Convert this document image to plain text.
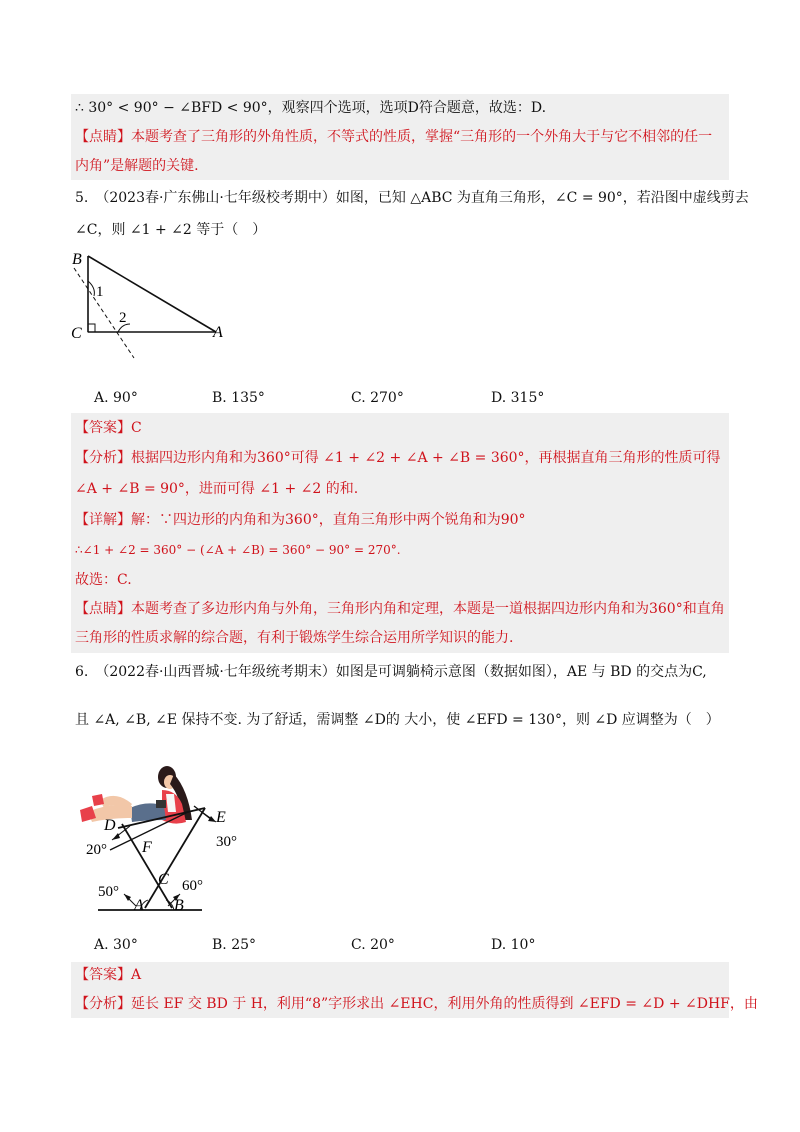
∴ 30° < 90° − ∠BFD < 90°，观察四个选项，选项D符合题意，故选：D.
【点睛】本题考查了三角形的外角性质，不等式的性质，掌握“三角形的一个外角大于与它不相邻的任一
内角”是解题的关键.
5.　（2023春·广东佛山·七年级校考期中）如图，已知 △ABC 为直角三角形，∠C = 90°，若沿图中虚线剪去
∠C，则 ∠1 + ∠2 等于（　）
B
C	A
1
2
A. 90°	B. 135°	C. 270°	D. 315°
【答案】C
【分析】根据四边形内角和为360°可得 ∠1 + ∠2 + ∠A + ∠B = 360°，再根据直角三角形的性质可得
∠A + ∠B = 90°，进而可得 ∠1 + ∠2 的和.
【详解】解：∵四边形的内角和为360°，直角三角形中两个锐角和为90°
∴∠1 + ∠2 = 360° − (∠A + ∠B) = 360° − 90° = 270°.
故选：C.
【点睛】本题考查了多边形内角与外角，三角形内角和定理，本题是一道根据四边形内角和为360°和直角
三角形的性质求解的综合题，有利于锻炼学生综合运用所学知识的能力.
6.　（2022春·山西晋城·七年级统考期末）如图是可调躺椅示意图（数据如图），AE 与 BD 的交点为C,
且 ∠A, ∠B, ∠E 保持不变. 为了舒适，需调整 ∠D的 大小，使 ∠EFD = 130°，则 ∠D 应调整为（　）
D	E
F
C
A B
20°	30°
50°	60°
A. 30°	B. 25°	C. 20°	D. 10°
【答案】A
【分析】延长 EF 交 BD 于 H，利用“8”字形求出 ∠EHC，利用外角的性质得到 ∠EFD = ∠D + ∠DHF，由
